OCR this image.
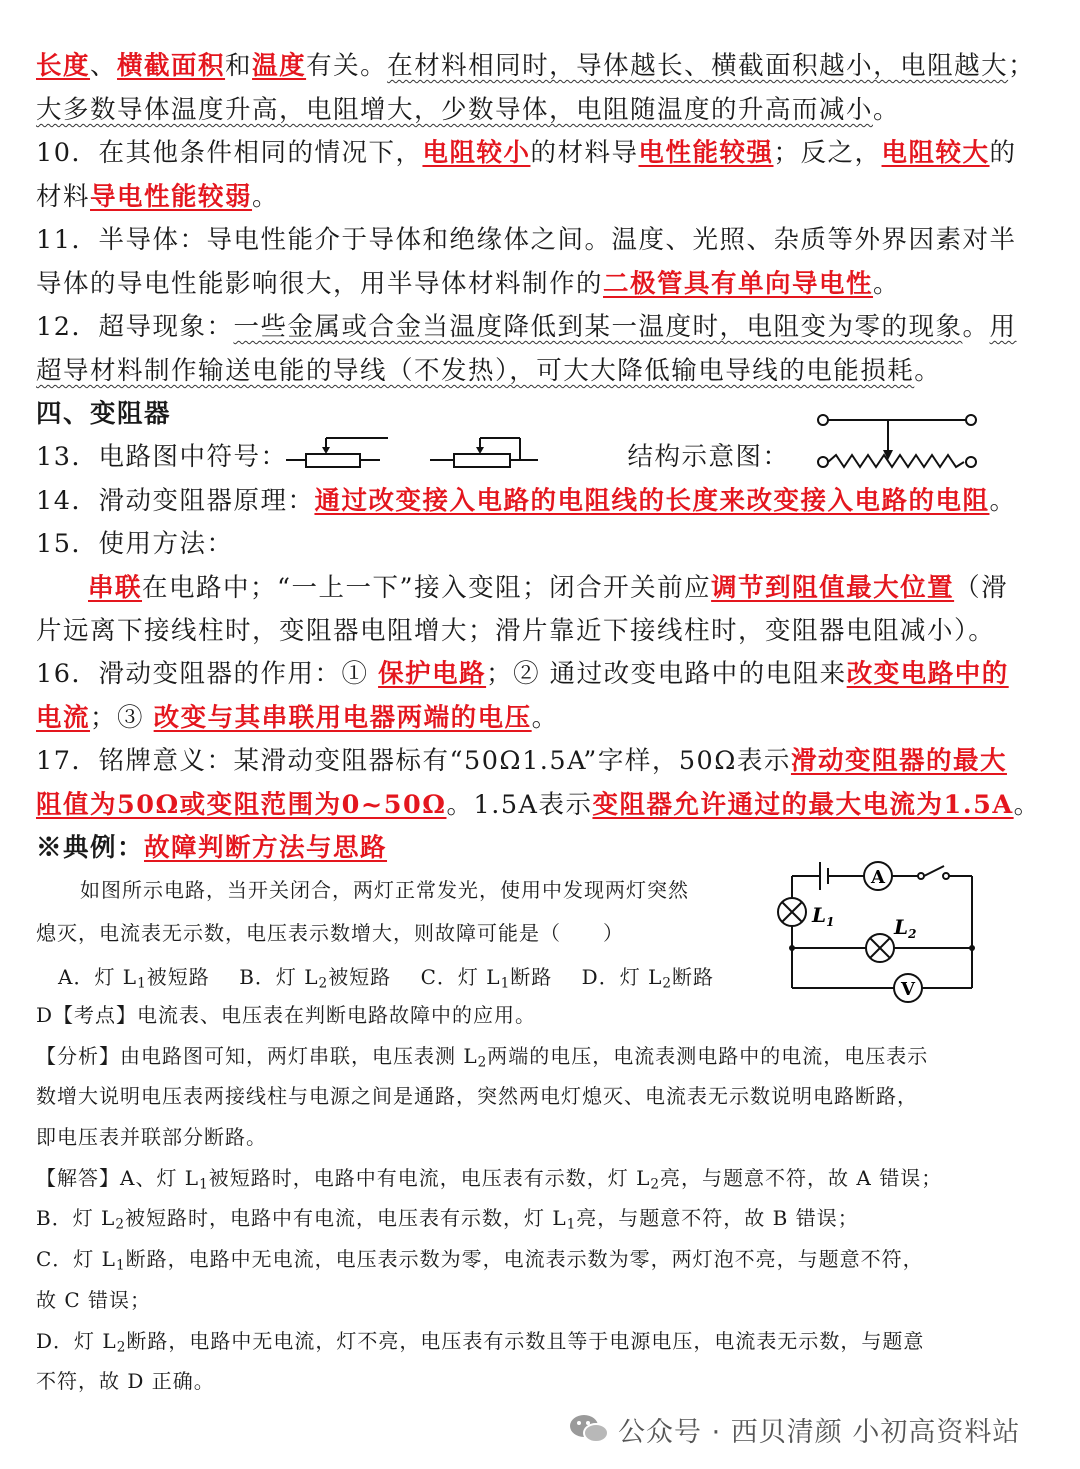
长度、横截面积和温度有关。在材料相同时，导体越长、横截面积越小，电阻越大；
大多数导体温度升高，电阻增大，少数导体，电阻随温度的升高而减小。
10．在其他条件相同的情况下，电阻较小的材料导电性能较强；反之，电阻较大的
材料导电性能较弱。
11．半导体：导电性能介于导体和绝缘体之间。温度、光照、杂质等外界因素对半
导体的导电性能影响很大，用半导体材料制作的二极管具有单向导电性。
12．超导现象：一些金属或合金当温度降低到某一温度时，电阻变为零的现象。用
超导材料制作输送电能的导线（不发热），可大大降低输电导线的电能损耗。
四、变阻器
13．电路图中符号：	结构示意图：
14．滑动变阻器原理：通过改变接入电路的电阻线的长度来改变接入电路的电阻。
15．使用方法：
串联在电路中；“一上一下”接入变阻；闭合开关前应调节到阻值最大位置（滑
片远离下接线柱时，变阻器电阻增大；滑片靠近下接线柱时，变阻器电阻减小）。
16．滑动变阻器的作用：① 保护电路；② 通过改变电路中的电阻来改变电路中的
电流；③ 改变与其串联用电器两端的电压。
17．铭牌意义：某滑动变阻器标有“50Ω1.5A”字样，50Ω表示滑动变阻器的最大
阻值为50Ω或变阻范围为0~50Ω。1.5A表示变阻器允许通过的最大电流为1.5A。
※典例：故障判断方法与思路
如图所示电路，当开关闭合，两灯正常发光，使用中发现两灯突然
熄灭，电流表无示数，电压表示数增大，则故障可能是（　　）
A．灯 $L_1$被短路 B．灯 $L_2$被短路 C．灯 $L_1$断路 D．灯 $L_2$断路
A
V
$L_1$	$L_2$
D【考点】电流表、电压表在判断电路故障中的应用。
【分析】由电路图可知，两灯串联，电压表测 $L_2$两端的电压，电流表测电路中的电流，电压表示
数增大说明电压表两接线柱与电源之间是通路，突然两电灯熄灭、电流表无示数说明电路断路，
即电压表并联部分断路。
【解答】A、灯 $L_1$被短路时，电路中有电流，电压表有示数，灯 $L_2$亮，与题意不符，故 A 错误；
B．灯 $L_2$被短路时，电路中有电流，电压表有示数，灯 $L_1$亮，与题意不符，故 B 错误；
C．灯 $L_1$断路，电路中无电流，电压表示数为零，电流表示数为零，两灯泡不亮，与题意不符，
故 C 错误；
D．灯 $L_2$断路，电路中无电流，灯不亮，电压表有示数且等于电源电压，电流表无示数，与题意
不符，故 D 正确。
公众号 · 西贝清颜 小初高资料站
